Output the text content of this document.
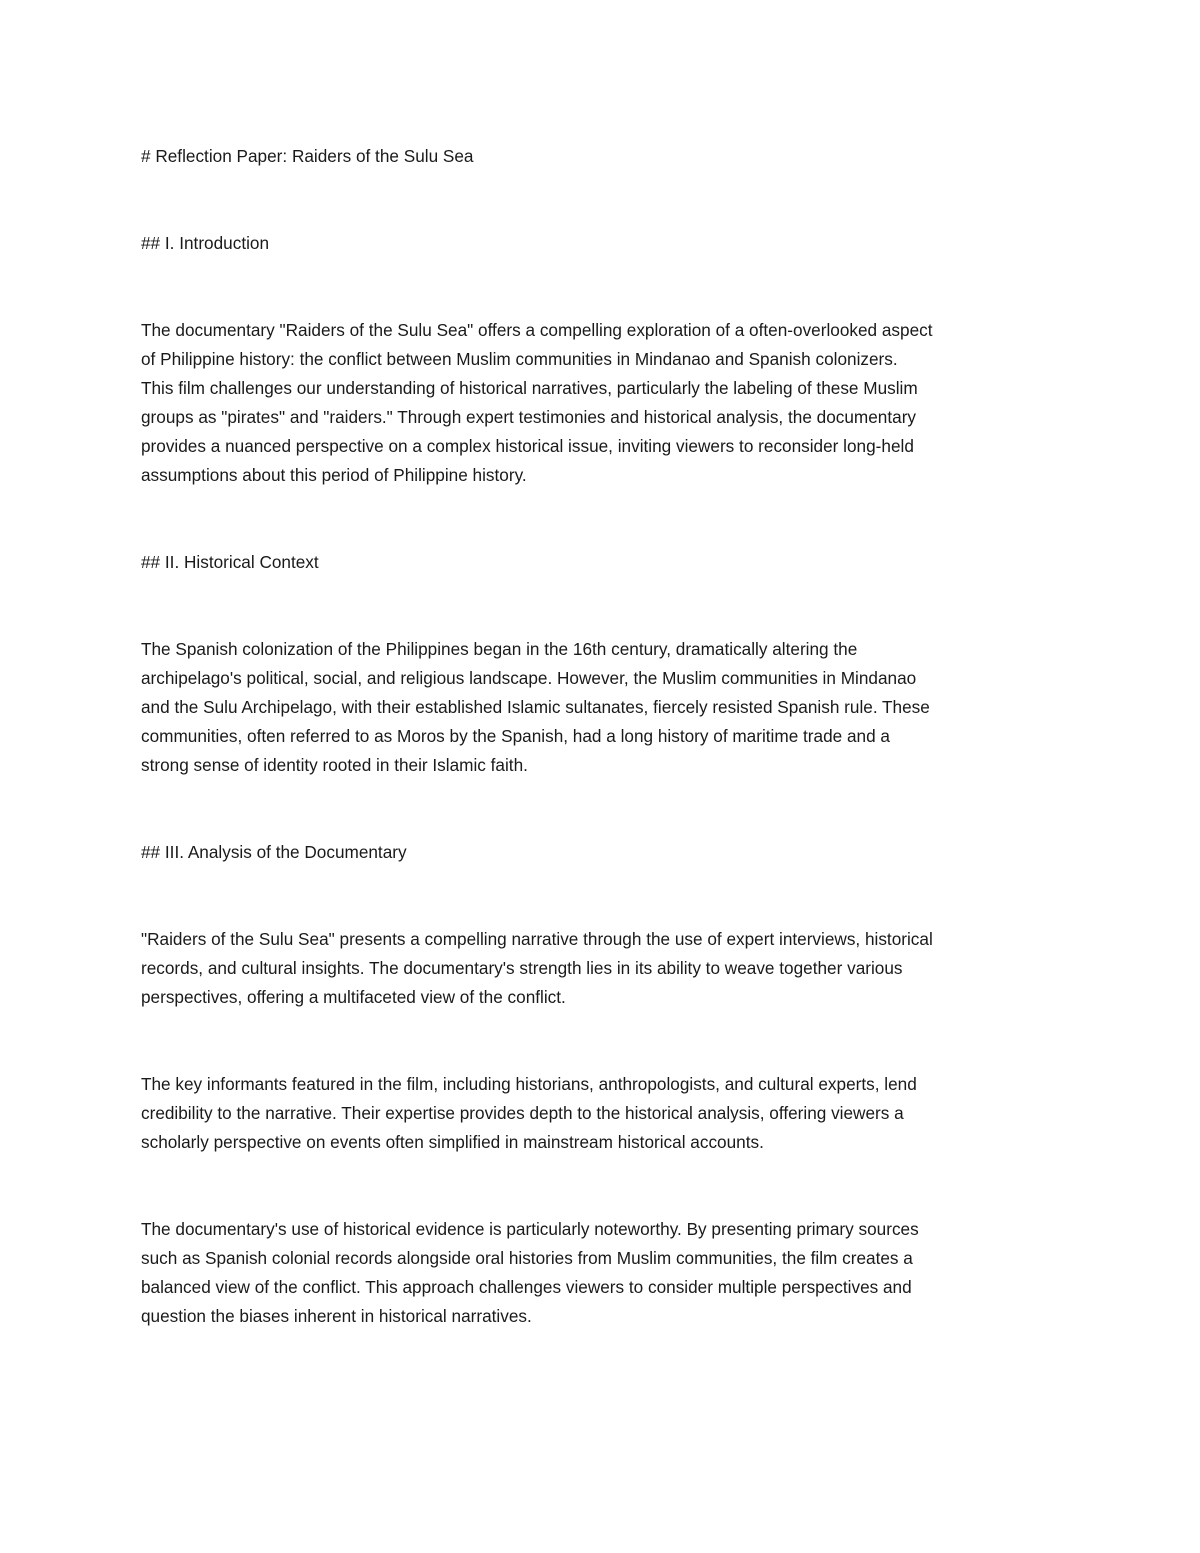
# Reflection Paper: Raiders of the Sulu Sea

## I. Introduction

The documentary "Raiders of the Sulu Sea" offers a compelling exploration of a often-overlooked aspect

of Philippine history: the conflict between Muslim communities in Mindanao and Spanish colonizers.

This film challenges our understanding of historical narratives, particularly the labeling of these Muslim

groups as "pirates" and "raiders." Through expert testimonies and historical analysis, the documentary

provides a nuanced perspective on a complex historical issue, inviting viewers to reconsider long-held

assumptions about this period of Philippine history.

## II. Historical Context

The Spanish colonization of the Philippines began in the 16th century, dramatically altering the

archipelago's political, social, and religious landscape. However, the Muslim communities in Mindanao

and the Sulu Archipelago, with their established Islamic sultanates, fiercely resisted Spanish rule. These

communities, often referred to as Moros by the Spanish, had a long history of maritime trade and a

strong sense of identity rooted in their Islamic faith.

## III. Analysis of the Documentary

"Raiders of the Sulu Sea" presents a compelling narrative through the use of expert interviews, historical

records, and cultural insights. The documentary's strength lies in its ability to weave together various

perspectives, offering a multifaceted view of the conflict.

The key informants featured in the film, including historians, anthropologists, and cultural experts, lend

credibility to the narrative. Their expertise provides depth to the historical analysis, offering viewers a

scholarly perspective on events often simplified in mainstream historical accounts.

The documentary's use of historical evidence is particularly noteworthy. By presenting primary sources

such as Spanish colonial records alongside oral histories from Muslim communities, the film creates a

balanced view of the conflict. This approach challenges viewers to consider multiple perspectives and

question the biases inherent in historical narratives.
